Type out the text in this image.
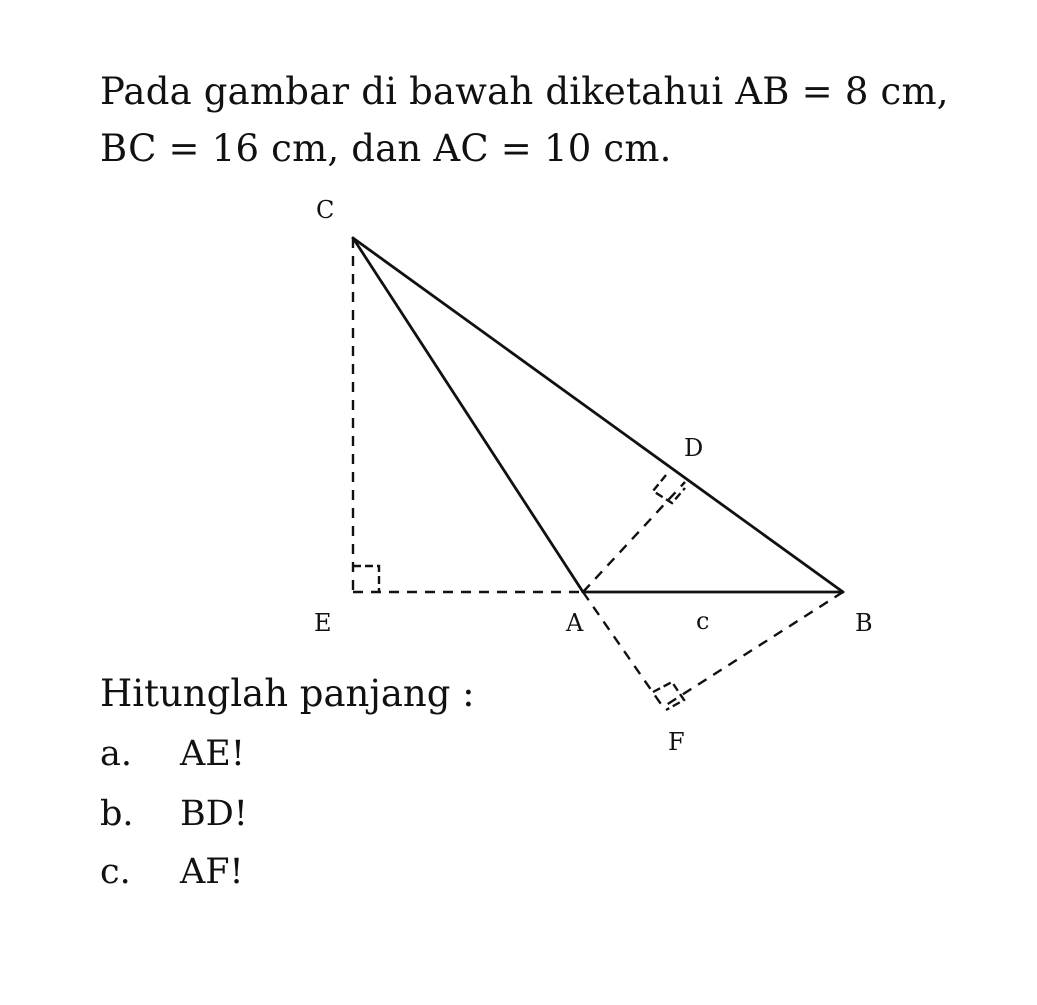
Pada gambar di bawah diketahui AB = 8 cm,
BC = 16 cm, dan AC = 10 cm.
C
D
E	A	c	B
F
Hitunglah panjang :
a. AE!
b. BD!
c. AF!
